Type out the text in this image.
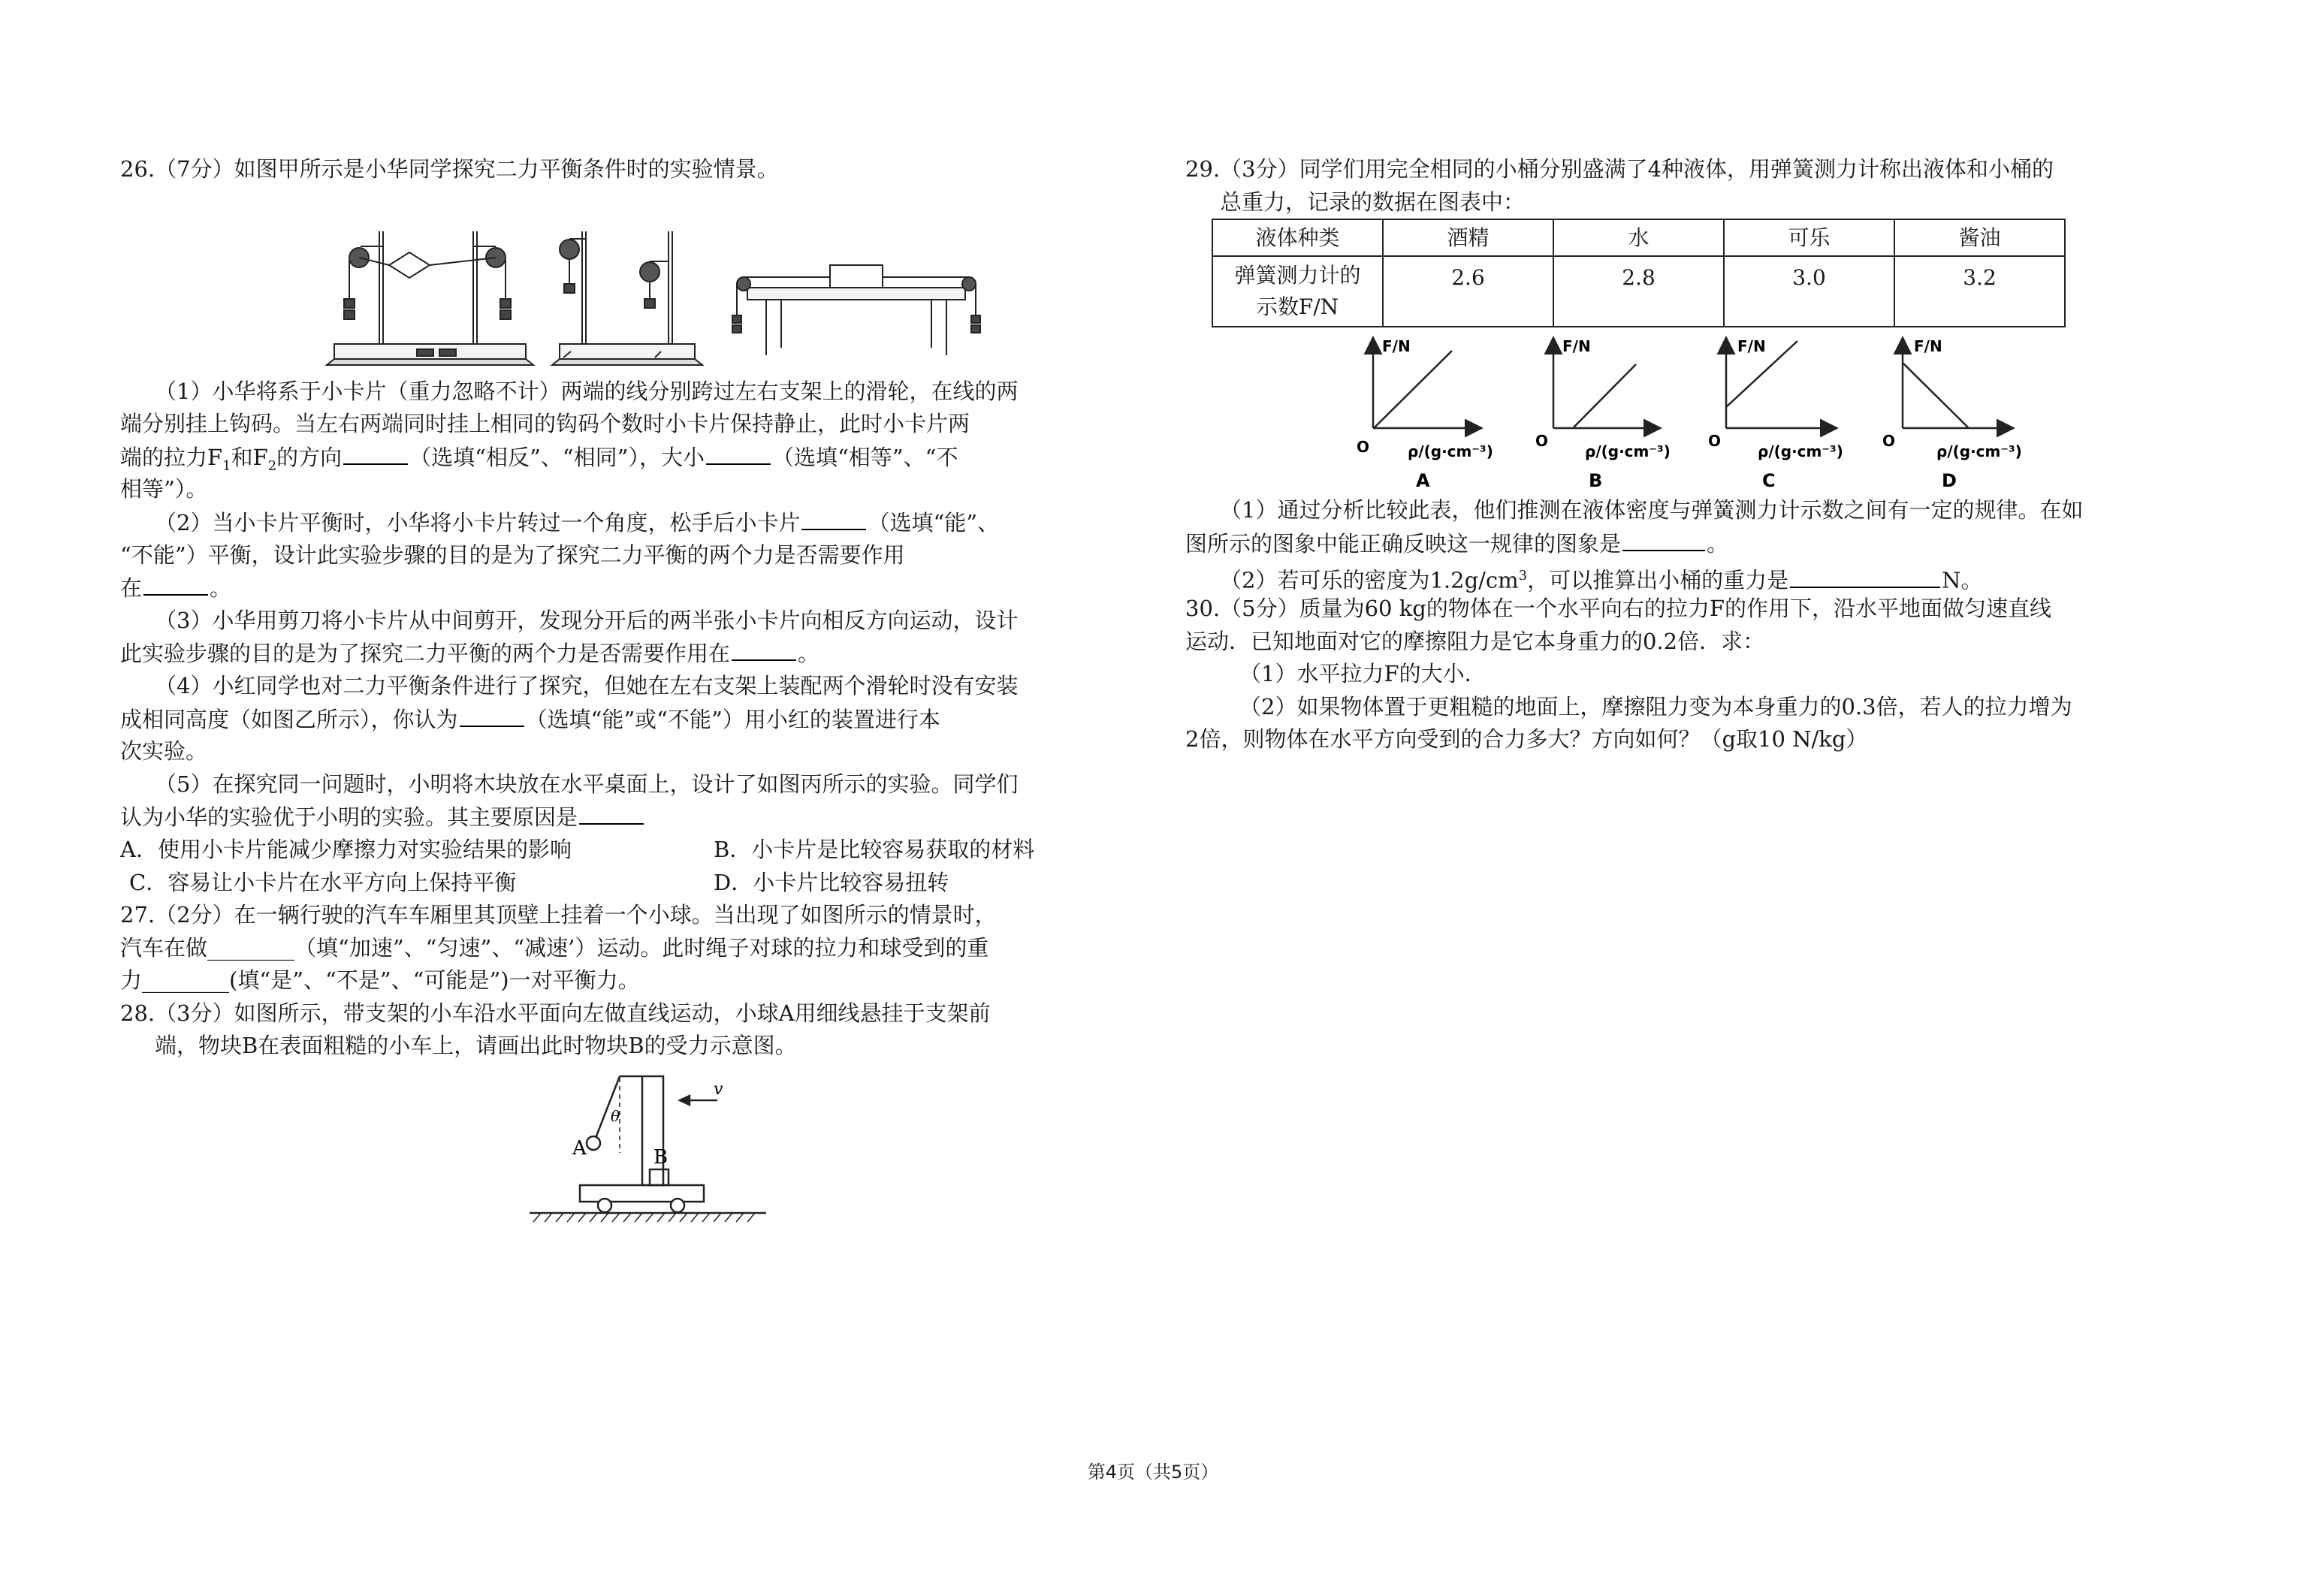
26.（7分）如图甲所示是小华同学探究二力平衡条件时的实验情景。
（1）小华将系于小卡片（重力忽略不计）两端的线分别跨过左右支架上的滑轮，在线的两
端分别挂上钩码。当左右两端同时挂上相同的钩码个数时小卡片保持静止，此时小卡片两
端的拉力$F_1$和$F_2$的方向	（选填“相反”、“相同”），大小	（选填“相等”、“不
相等”）。
（2）当小卡片平衡时，小华将小卡片转过一个角度，松手后小卡片	（选填“能”、
“不能”）平衡，设计此实验步骤的目的是为了探究二力平衡的两个力是否需要作用
在	。
（3）小华用剪刀将小卡片从中间剪开，发现分开后的两半张小卡片向相反方向运动，设计
此实验步骤的目的是为了探究二力平衡的两个力是否需要作用在	。
（4）小红同学也对二力平衡条件进行了探究，但她在左右支架上装配两个滑轮时没有安装
成相同高度（如图乙所示），你认为	（选填“能”或“不能”）用小红的装置进行本
次实验。
（5）在探究同一问题时，小明将木块放在水平桌面上，设计了如图丙所示的实验。同学们
认为小华的实验优于小明的实验。其主要原因是
A．使用小卡片能减少摩擦力对实验结果的影响	B．小卡片是比较容易获取的材料
C．容易让小卡片在水平方向上保持平衡	D．小卡片比较容易扭转
27.（2分）在一辆行驶的汽车车厢里其顶壁上挂着一个小球。当出现了如图所示的情景时，
汽车在做________（填“加速”、“匀速”、“减速’）运动。此时绳子对球的拉力和球受到的重
力________(填“是”、“不是”、“可能是”)一对平衡力。
28.（3分）如图所示，带支架的小车沿水平面向左做直线运动，小球A用细线悬挂于支架前
端，物块B在表面粗糙的小车上，请画出此时物块B的受力示意图。
v
θ
A	B
29.（3分）同学们用完全相同的小桶分别盛满了4种液体，用弹簧测力计称出液体和小桶的
总重力，记录的数据在图表中：
液体种类	酒精	水	可乐	酱油

弹簧测力计的
示数F/N	2.6	2.8	3.0	3.2
F/N
O	ρ/(g·cm⁻³)
A
F/N
O
ρ/(g·cm⁻³)
B
F/N
O
ρ/(g·cm⁻³)
C
F/N
O
ρ/(g·cm⁻³)
D
（1）通过分析比较此表，他们推测在液体密度与弹簧测力计示数之间有一定的规律。在如
图所示的图象中能正确反映这一规律的图象是	。
（2）若可乐的密度为$1.2g/cm^3$，可以推算出小桶的重力是	N。
30.（5分）质量为60 kg的物体在一个水平向右的拉力F的作用下，沿水平地面做匀速直线
运动．已知地面对它的摩擦阻力是它本身重力的0.2倍．求：
（1）水平拉力F的大小．
（2）如果物体置于更粗糙的地面上，摩擦阻力变为本身重力的0.3倍，若人的拉力增为
2倍，则物体在水平方向受到的合力多大？方向如何？（g取10 N/kg）
第4页（共5页）
